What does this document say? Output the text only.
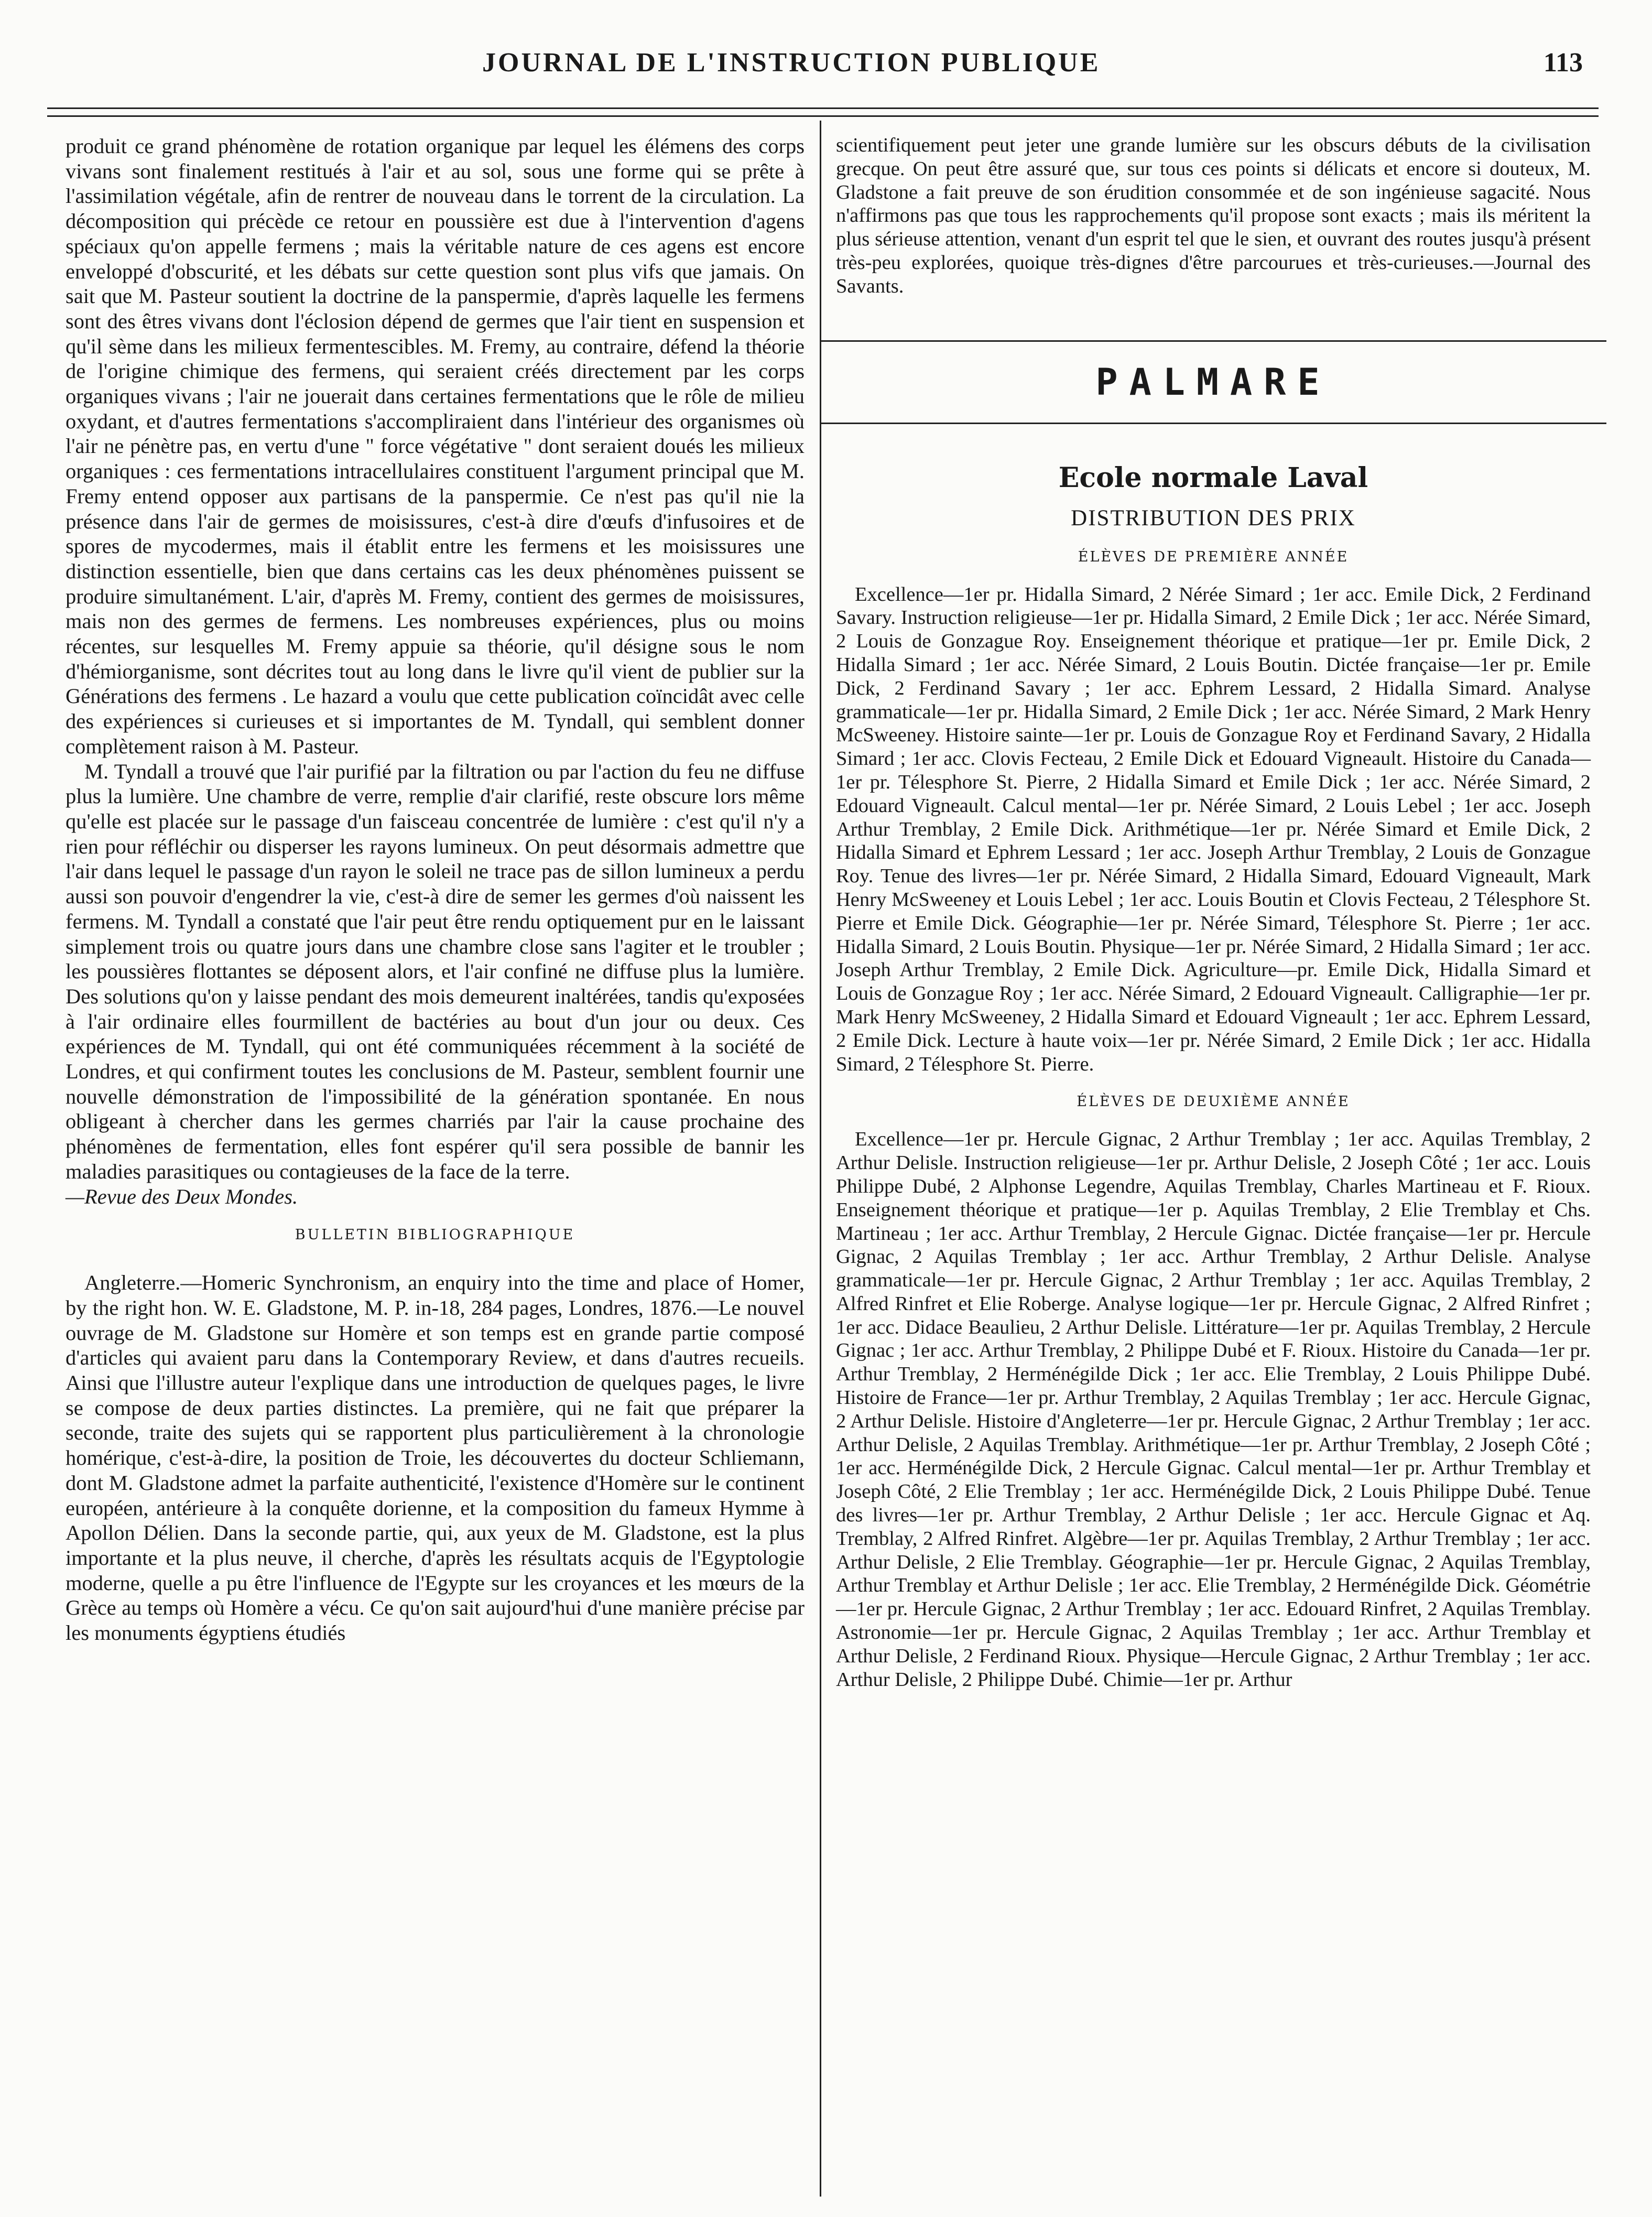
JOURNAL DE L'INSTRUCTION PUBLIQUE	113

produit ce grand phénomène de rotation organique par lequel les élémens des corps vivans sont finalement restitués à l'air et au sol, sous une forme qui se prête à l'assimilation végétale, afin de rentrer de nouveau dans le torrent de la circulation. La décomposition qui précède ce retour en poussière est due à l'intervention d'agens spéciaux qu'on appelle fermens ; mais la véritable nature de ces agens est encore enveloppé d'obscurité, et les débats sur cette question sont plus vifs que jamais. On sait que M. Pasteur soutient la doctrine de la panspermie, d'après laquelle les fermens sont des êtres vivans dont l'éclosion dépend de germes que l'air tient en suspension et qu'il sème dans les milieux fermentescibles. M. Fremy, au contraire, défend la théorie de l'origine chimique des fermens, qui seraient créés directement par les corps organiques vivans ; l'air ne jouerait dans certaines fermentations que le rôle de milieu oxydant, et d'autres fermentations s'accompliraient dans l'intérieur des organismes où l'air ne pénètre pas, en vertu d'une " force végétative " dont seraient doués les milieux organiques : ces fermentations intracellulaires constituent l'argument principal que M. Fremy entend opposer aux partisans de la panspermie. Ce n'est pas qu'il nie la présence dans l'air de germes de moisissures, c'est-à dire d'œufs d'infusoires et de spores de mycodermes, mais il établit entre les fermens et les moisissures une distinction essentielle, bien que dans certains cas les deux phénomènes puissent se produire simultanément. L'air, d'après M. Fremy, contient des germes de moisissures, mais non des germes de fermens. Les nombreuses expériences, plus ou moins récentes, sur lesquelles M. Fremy appuie sa théorie, qu'il désigne sous le nom d'hémiorganisme, sont décrites tout au long dans le livre qu'il vient de publier sur la Générations des fermens . Le hazard a voulu que cette publication coïncidât avec celle des expériences si curieuses et si importantes de M. Tyndall, qui semblent donner complètement raison à M. Pasteur.

M. Tyndall a trouvé que l'air purifié par la filtration ou par l'action du feu ne diffuse plus la lumière. Une chambre de verre, remplie d'air clarifié, reste obscure lors même qu'elle est placée sur le passage d'un faisceau concentrée de lumière : c'est qu'il n'y a rien pour réfléchir ou disperser les rayons lumineux. On peut désormais admettre que l'air dans lequel le passage d'un rayon le soleil ne trace pas de sillon lumineux a perdu aussi son pouvoir d'engendrer la vie, c'est-à dire de semer les germes d'où naissent les fermens. M. Tyndall a constaté que l'air peut être rendu optiquement pur en le laissant simplement trois ou quatre jours dans une chambre close sans l'agiter et le troubler ; les poussières flottantes se déposent alors, et l'air confiné ne diffuse plus la lumière. Des solutions qu'on y laisse pendant des mois demeurent inaltérées, tandis qu'exposées à l'air ordinaire elles fourmillent de bactéries au bout d'un jour ou deux. Ces expériences de M. Tyndall, qui ont été communiquées récemment à la société de Londres, et qui confirment toutes les conclusions de M. Pasteur, semblent fournir une nouvelle démonstration de l'impossibilité de la génération spontanée. En nous obligeant à chercher dans les germes charriés par l'air la cause prochaine des phénomènes de fermentation, elles font espérer qu'il sera possible de bannir les maladies parasitiques ou contagieuses de la face de la terre.

—Revue des Deux Mondes.

BULLETIN BIBLIOGRAPHIQUE

Angleterre.—Homeric Synchronism, an enquiry into the time and place of Homer, by the right hon. W. E. Gladstone, M. P. in-18, 284 pages, Londres, 1876.—Le nouvel ouvrage de M. Gladstone sur Homère et son temps est en grande partie composé d'articles qui avaient paru dans la Contemporary Review, et dans d'autres recueils. Ainsi que l'illustre auteur l'explique dans une introduction de quelques pages, le livre se compose de deux parties distinctes. La première, qui ne fait que préparer la seconde, traite des sujets qui se rapportent plus particulièrement à la chronologie homérique, c'est-à-dire, la position de Troie, les découvertes du docteur Schliemann, dont M. Gladstone admet la parfaite authenticité, l'existence d'Homère sur le continent européen, antérieure à la conquête dorienne, et la composition du fameux Hymme à Apollon Délien. Dans la seconde partie, qui, aux yeux de M. Gladstone, est la plus importante et la plus neuve, il cherche, d'après les résultats acquis de l'Egyptologie moderne, quelle a pu être l'influence de l'Egypte sur les croyances et les mœurs de la Grèce au temps où Homère a vécu. Ce qu'on sait aujourd'hui d'une manière précise par les monuments égyptiens étudiés

scientifiquement peut jeter une grande lumière sur les obscurs débuts de la civilisation grecque. On peut être assuré que, sur tous ces points si délicats et encore si douteux, M. Gladstone a fait preuve de son érudition consommée et de son ingénieuse sagacité. Nous n'affirmons pas que tous les rapprochements qu'il propose sont exacts ; mais ils méritent la plus sérieuse attention, venant d'un esprit tel que le sien, et ouvrant des routes jusqu'à présent très-peu explorées, quoique très-dignes d'être parcourues et très-curieuses.—Journal des Savants.

PALMARE
Ecole normale Laval
DISTRIBUTION DES PRIX
ÉLÈVES DE PREMIÈRE ANNÉE

Excellence—1er pr. Hidalla Simard, 2 Nérée Simard ; 1er acc. Emile Dick, 2 Ferdinand Savary. Instruction religieuse—1er pr. Hidalla Simard, 2 Emile Dick ; 1er acc. Nérée Simard, 2 Louis de Gonzague Roy. Enseignement théorique et pratique—1er pr. Emile Dick, 2 Hidalla Simard ; 1er acc. Nérée Simard, 2 Louis Boutin. Dictée française—1er pr. Emile Dick, 2 Ferdinand Savary ; 1er acc. Ephrem Lessard, 2 Hidalla Simard. Analyse grammaticale—1er pr. Hidalla Simard, 2 Emile Dick ; 1er acc. Nérée Simard, 2 Mark Henry McSweeney. Histoire sainte—1er pr. Louis de Gonzague Roy et Ferdinand Savary, 2 Hidalla Simard ; 1er acc. Clovis Fecteau, 2 Emile Dick et Edouard Vigneault. Histoire du Canada—1er pr. Télesphore St. Pierre, 2 Hidalla Simard et Emile Dick ; 1er acc. Nérée Simard, 2 Edouard Vigneault. Calcul mental—1er pr. Nérée Simard, 2 Louis Lebel ; 1er acc. Joseph Arthur Tremblay, 2 Emile Dick. Arithmétique—1er pr. Nérée Simard et Emile Dick, 2 Hidalla Simard et Ephrem Lessard ; 1er acc. Joseph Arthur Tremblay, 2 Louis de Gonzague Roy. Tenue des livres—1er pr. Nérée Simard, 2 Hidalla Simard, Edouard Vigneault, Mark Henry McSweeney et Louis Lebel ; 1er acc. Louis Boutin et Clovis Fecteau, 2 Télesphore St. Pierre et Emile Dick. Géographie—1er pr. Nérée Simard, Télesphore St. Pierre ; 1er acc. Hidalla Simard, 2 Louis Boutin. Physique—1er pr. Nérée Simard, 2 Hidalla Simard ; 1er acc. Joseph Arthur Tremblay, 2 Emile Dick. Agriculture—pr. Emile Dick, Hidalla Simard et Louis de Gonzague Roy ; 1er acc. Nérée Simard, 2 Edouard Vigneault. Calligraphie—1er pr. Mark Henry McSweeney, 2 Hidalla Simard et Edouard Vigneault ; 1er acc. Ephrem Lessard, 2 Emile Dick. Lecture à haute voix—1er pr. Nérée Simard, 2 Emile Dick ; 1er acc. Hidalla Simard, 2 Télesphore St. Pierre.

ÉLÈVES DE DEUXIÈME ANNÉE

Excellence—1er pr. Hercule Gignac, 2 Arthur Tremblay ; 1er acc. Aquilas Tremblay, 2 Arthur Delisle. Instruction religieuse—1er pr. Arthur Delisle, 2 Joseph Côté ; 1er acc. Louis Philippe Dubé, 2 Alphonse Legendre, Aquilas Tremblay, Charles Martineau et F. Rioux. Enseignement théorique et pratique—1er p. Aquilas Tremblay, 2 Elie Tremblay et Chs. Martineau ; 1er acc. Arthur Tremblay, 2 Hercule Gignac. Dictée française—1er pr. Hercule Gignac, 2 Aquilas Tremblay ; 1er acc. Arthur Tremblay, 2 Arthur Delisle. Analyse grammaticale—1er pr. Hercule Gignac, 2 Arthur Tremblay ; 1er acc. Aquilas Tremblay, 2 Alfred Rinfret et Elie Roberge. Analyse logique—1er pr. Hercule Gignac, 2 Alfred Rinfret ; 1er acc. Didace Beaulieu, 2 Arthur Delisle. Littérature—1er pr. Aquilas Tremblay, 2 Hercule Gignac ; 1er acc. Arthur Tremblay, 2 Philippe Dubé et F. Rioux. Histoire du Canada—1er pr. Arthur Tremblay, 2 Herménégilde Dick ; 1er acc. Elie Tremblay, 2 Louis Philippe Dubé. Histoire de France—1er pr. Arthur Tremblay, 2 Aquilas Tremblay ; 1er acc. Hercule Gignac, 2 Arthur Delisle. Histoire d'Angleterre—1er pr. Hercule Gignac, 2 Arthur Tremblay ; 1er acc. Arthur Delisle, 2 Aquilas Tremblay. Arithmétique—1er pr. Arthur Tremblay, 2 Joseph Côté ; 1er acc. Herménégilde Dick, 2 Hercule Gignac. Calcul mental—1er pr. Arthur Tremblay et Joseph Côté, 2 Elie Tremblay ; 1er acc. Herménégilde Dick, 2 Louis Philippe Dubé. Tenue des livres—1er pr. Arthur Tremblay, 2 Arthur Delisle ; 1er acc. Hercule Gignac et Aq. Tremblay, 2 Alfred Rinfret. Algèbre—1er pr. Aquilas Tremblay, 2 Arthur Tremblay ; 1er acc. Arthur Delisle, 2 Elie Tremblay. Géographie—1er pr. Hercule Gignac, 2 Aquilas Tremblay, Arthur Tremblay et Arthur Delisle ; 1er acc. Elie Tremblay, 2 Herménégilde Dick. Géométrie—1er pr. Hercule Gignac, 2 Arthur Tremblay ; 1er acc. Edouard Rinfret, 2 Aquilas Tremblay. Astronomie—1er pr. Hercule Gignac, 2 Aquilas Tremblay ; 1er acc. Arthur Tremblay et Arthur Delisle, 2 Ferdinand Rioux. Physique—Hercule Gignac, 2 Arthur Tremblay ; 1er acc. Arthur Delisle, 2 Philippe Dubé. Chimie—1er pr. Arthur
